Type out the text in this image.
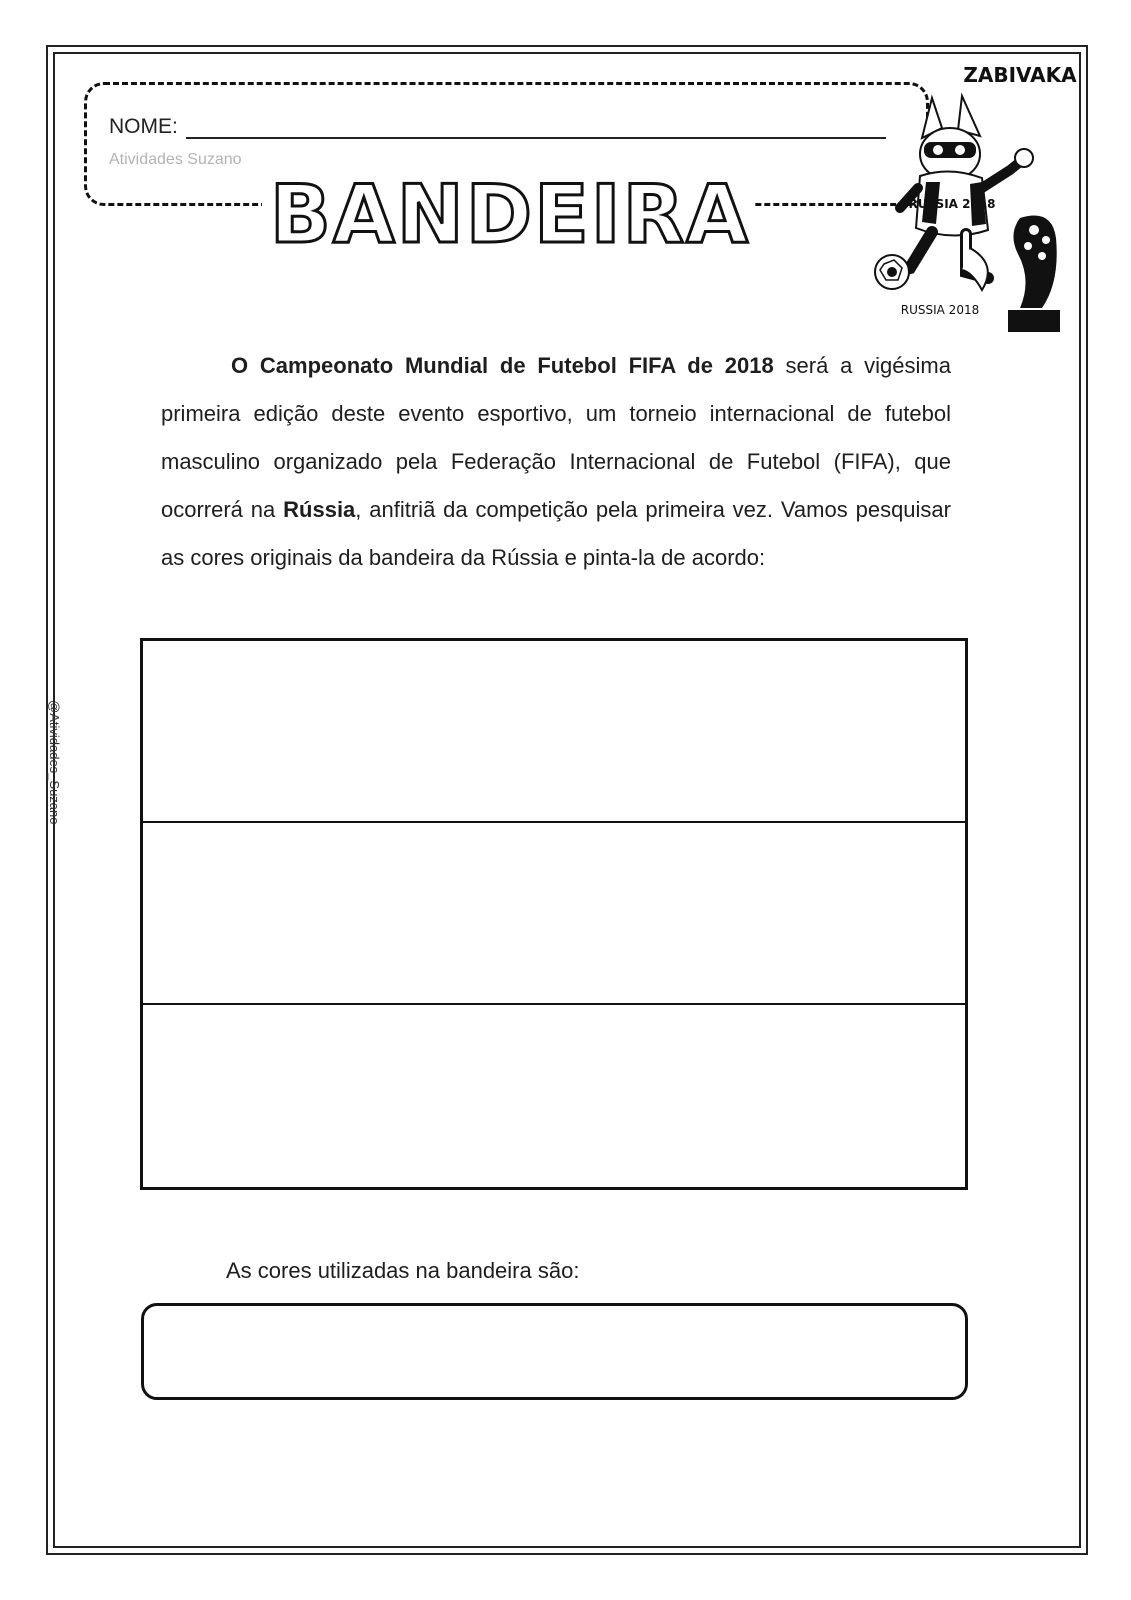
NOME:
Atividades Suzano
BANDEIRA
ZABIVAKA
RUSSIA 2018
RUSSIA 2018
@Atividades_Suzano
O Campeonato Mundial de Futebol FIFA de 2018 será a vigésima primeira edição deste evento esportivo, um torneio internacional de futebol masculino organizado pela Federação Internacional de Futebol (FIFA), que ocorrerá na Rússia, anfitriã da competição pela primeira vez. Vamos pesquisar as cores originais da bandeira da Rússia e pinta-la de acordo:
As cores utilizadas na bandeira são:
